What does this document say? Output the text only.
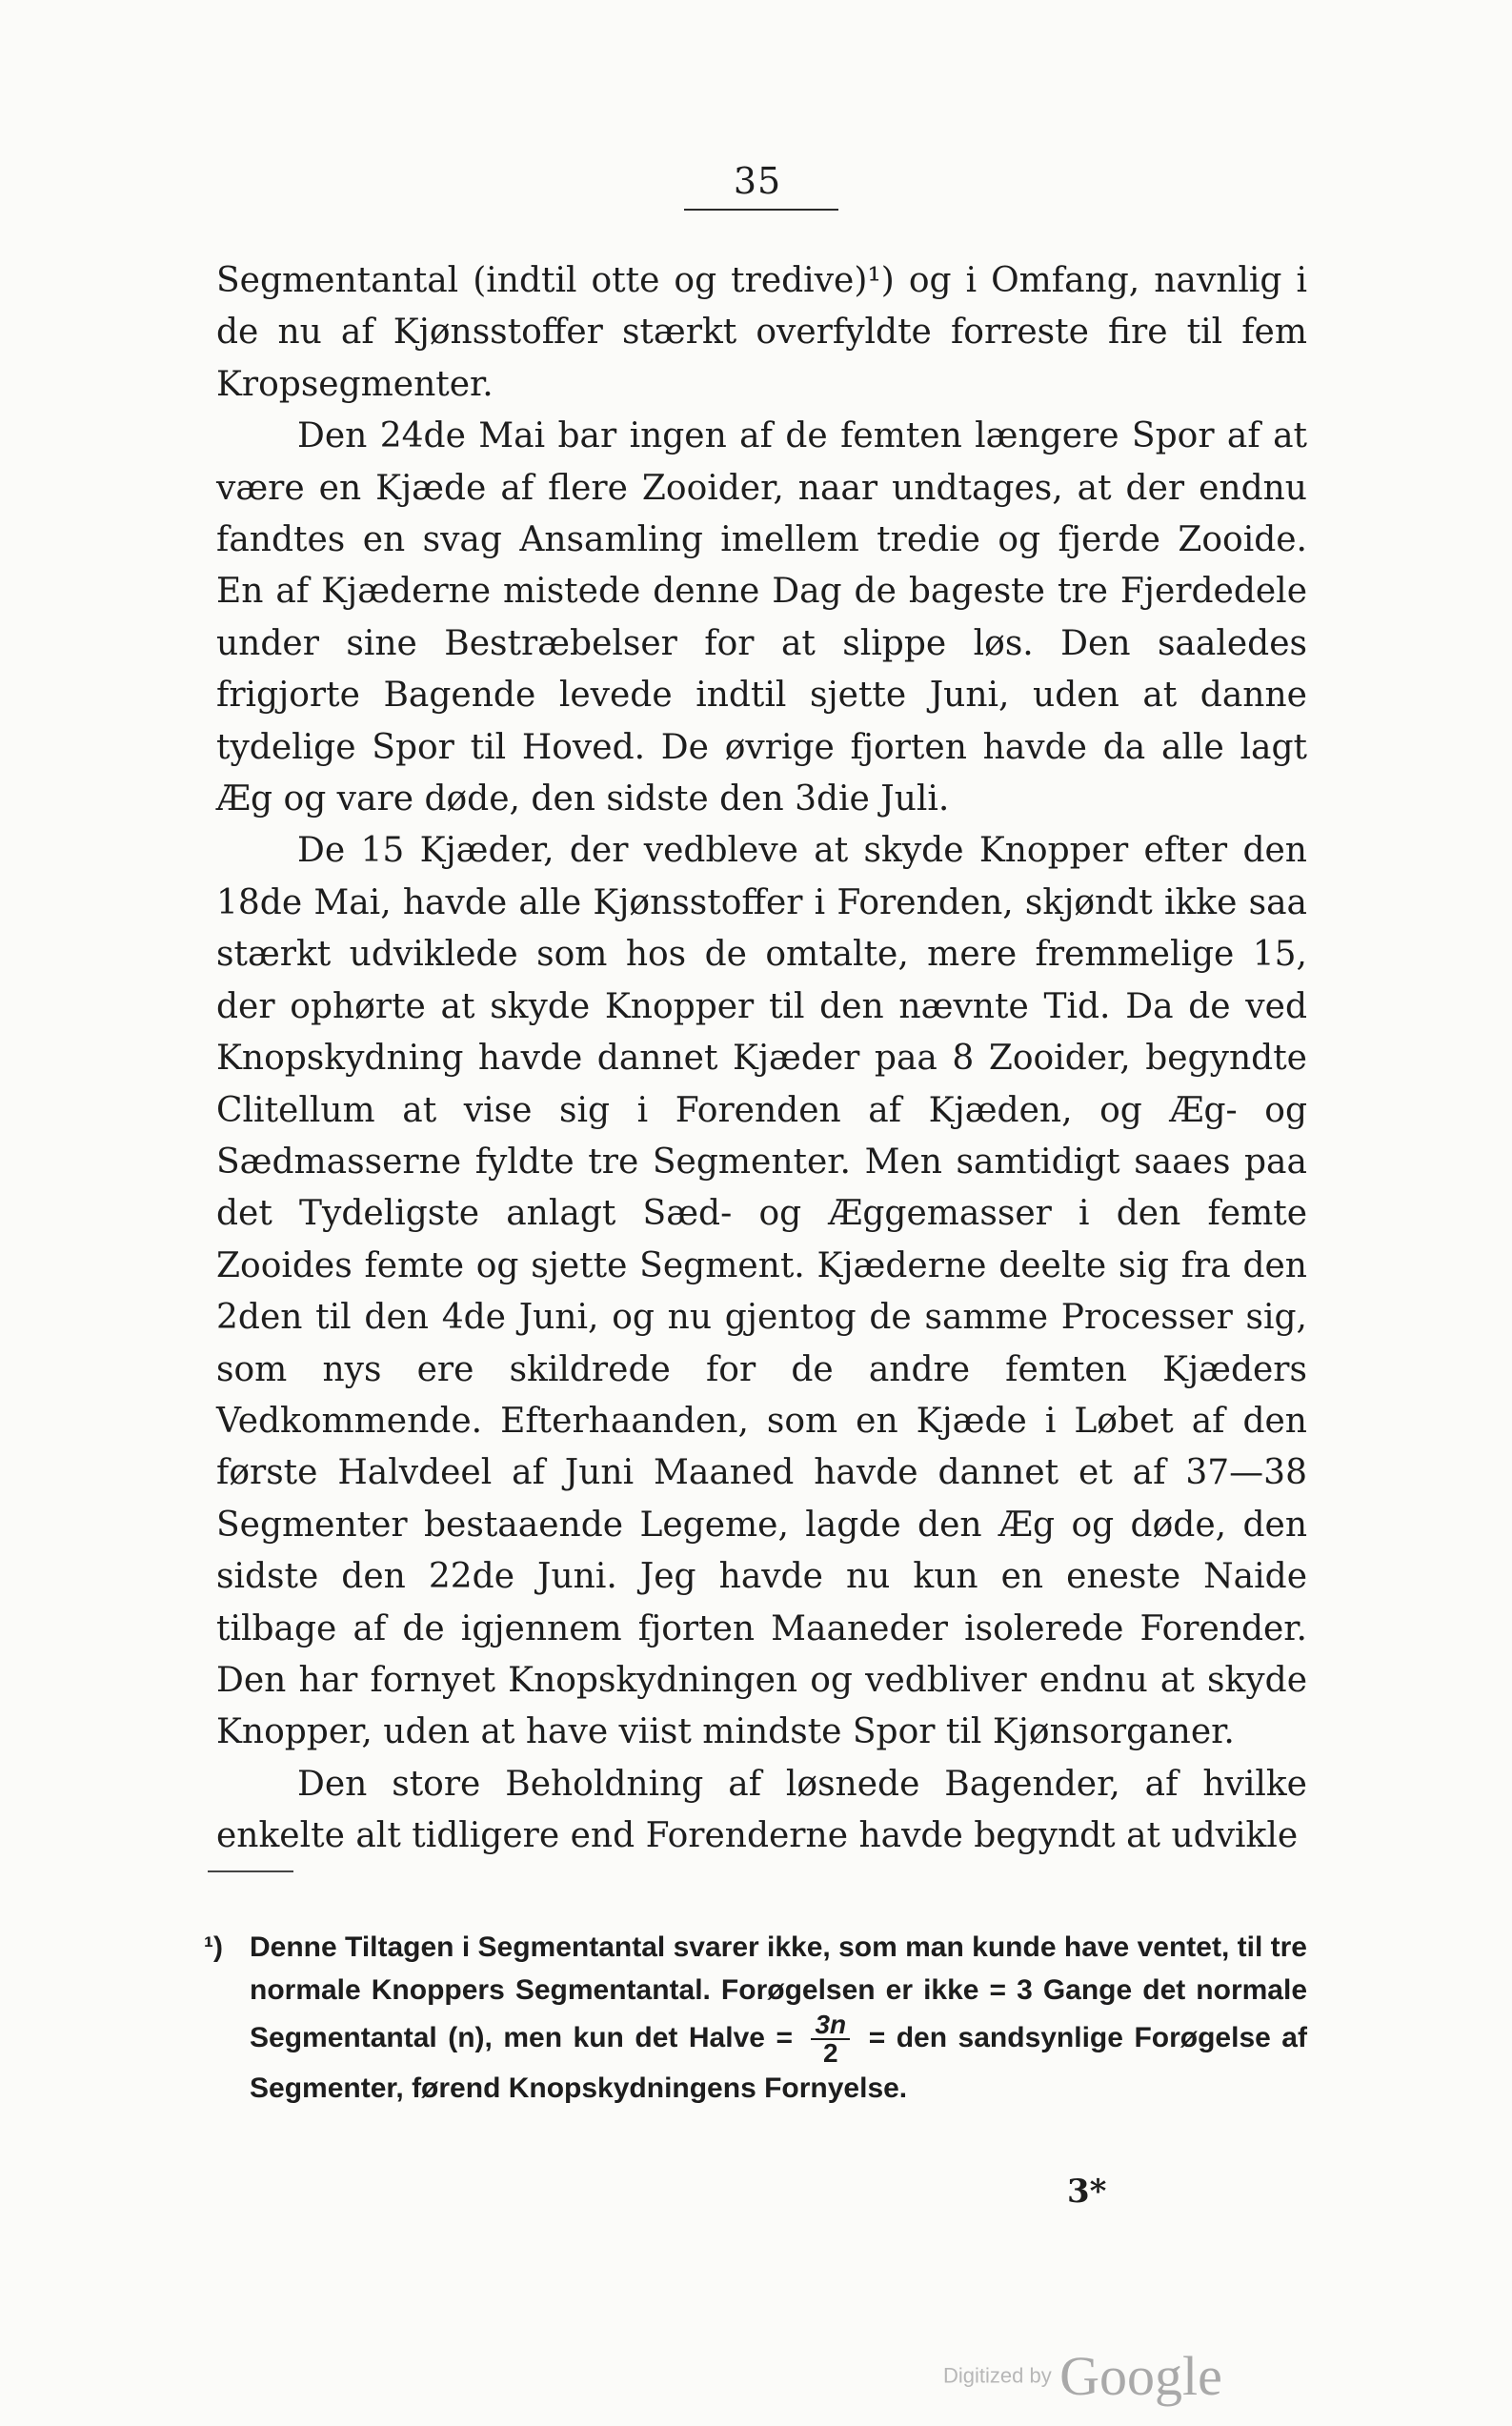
35

Segmentantal (indtil otte og tredive)¹) og i Omfang, navnlig i de nu af Kjønsstoffer stærkt overfyldte forreste fire til fem Kropsegmenter.

Den 24de Mai bar ingen af de femten længere Spor af at være en Kjæde af flere Zooider, naar undtages, at der endnu fandtes en svag Ansamling imellem tredie og fjerde Zooide. En af Kjæderne mistede denne Dag de bageste tre Fjerdedele under sine Bestræbelser for at slippe løs. Den saaledes frigjorte Bagende levede indtil sjette Juni, uden at danne tydelige Spor til Hoved. De øvrige fjorten havde da alle lagt Æg og vare døde, den sidste den 3die Juli.

De 15 Kjæder, der vedbleve at skyde Knopper efter den 18de Mai, havde alle Kjønsstoffer i Forenden, skjøndt ikke saa stærkt udviklede som hos de omtalte, mere fremmelige 15, der ophørte at skyde Knopper til den nævnte Tid. Da de ved Knopskydning havde dannet Kjæder paa 8 Zooider, begyndte Clitellum at vise sig i Forenden af Kjæden, og Æg- og Sædmasserne fyldte tre Segmenter. Men samtidigt saaes paa det Tydeligste anlagt Sæd- og Æggemasser i den femte Zooides femte og sjette Segment. Kjæderne deelte sig fra den 2den til den 4de Juni, og nu gjentog de samme Processer sig, som nys ere skildrede for de andre femten Kjæders Vedkommende. Efterhaanden, som en Kjæde i Løbet af den første Halvdeel af Juni Maaned havde dannet et af 37—38 Segmenter bestaaende Legeme, lagde den Æg og døde, den sidste den 22de Juni. Jeg havde nu kun en eneste Naide tilbage af de igjennem fjorten Maaneder isolerede Forender. Den har fornyet Knopskydningen og vedbliver endnu at skyde Knopper, uden at have viist mindste Spor til Kjønsorganer.

Den store Beholdning af løsnede Bagender, af hvilke enkelte alt tidligere end Forenderne havde begyndt at udvikle

¹) Denne Tiltagen i Segmentantal svarer ikke, som man kunde have ventet, til tre normale Knoppers Segmentantal. Forøgelsen er ikke = 3 Gange det normale Segmentantal (n), men kun det Halve = $\frac{3n}{2}$ = den sandsynlige Forøgelse af Segmenter, førend Knopskydningens Fornyelse.
3*
Digitized by Google
